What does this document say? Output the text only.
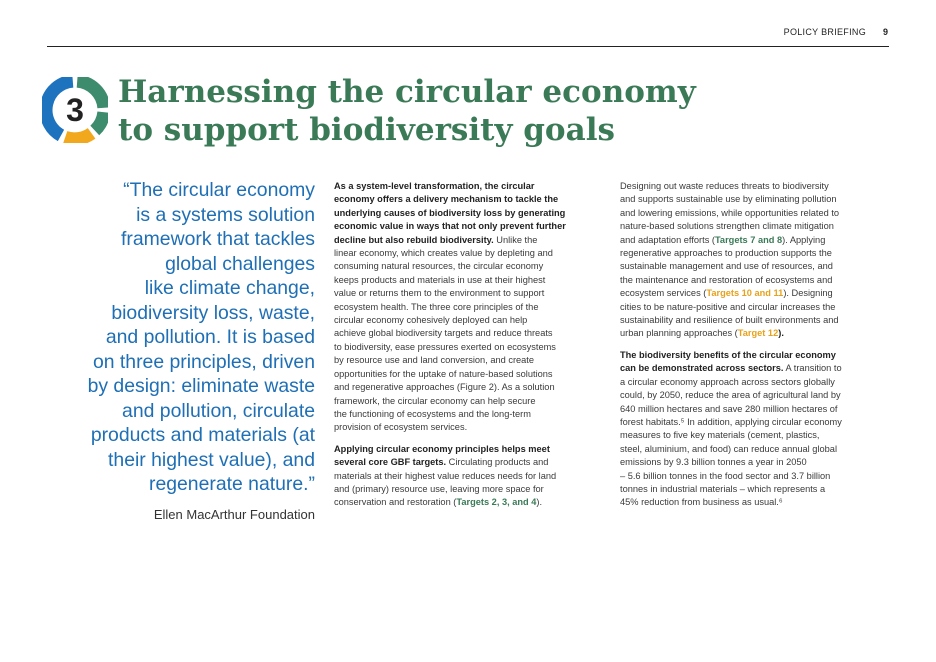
POLICY BRIEFING 9
3	Harnessing the circular economy
to support biodiversity goals
“The circular economy
is a systems solution
framework that tackles
global challenges
like climate change,
biodiversity loss, waste,
and pollution. It is based
on three principles, driven
by design: eliminate waste
and pollution, circulate
products and materials (at
their highest value), and
regenerate nature.”
Ellen MacArthur Foundation

As a system-level transformation, the circular
economy offers a delivery mechanism to tackle the
underlying causes of biodiversity loss by generating
economic value in ways that not only prevent further
decline but also rebuild biodiversity. Unlike the
linear economy, which creates value by depleting and
consuming natural resources, the circular economy
keeps products and materials in use at their highest
value or returns them to the environment to support
ecosystem health. The three core principles of the
circular economy cohesively deployed can help
achieve global biodiversity targets and reduce threats
to biodiversity, ease pressures exerted on ecosystems
by resource use and land conversion, and create
opportunities for the uptake of nature-based solutions
and regenerative approaches (Figure 2). As a solution
framework, the circular economy can help secure
the functioning of ecosystems and the long-term
provision of ecosystem services.

Applying circular economy principles helps meet
several core GBF targets. Circulating products and
materials at their highest value reduces needs for land
and (primary) resource use, leaving more space for
conservation and restoration (Targets 2, 3, and 4).

Designing out waste reduces threats to biodiversity
and supports sustainable use by eliminating pollution
and lowering emissions, while opportunities related to
nature-based solutions strengthen climate mitigation
and adaptation efforts (Targets 7 and 8). Applying
regenerative approaches to production supports the
sustainable management and use of resources, and
the maintenance and restoration of ecosystems and
ecosystem services (Targets 10 and 11). Designing
cities to be nature-positive and circular increases the
sustainability and resilience of built environments and
urban planning approaches (Target 12).

The biodiversity benefits of the circular economy
can be demonstrated across sectors. A transition to
a circular economy approach across sectors globally
could, by 2050, reduce the area of agricultural land by
640 million hectares and save 280 million hectares of
forest habitats.⁵ In addition, applying circular economy
measures to five key materials (cement, plastics,
steel, aluminium, and food) can reduce annual global
emissions by 9.3 billion tonnes a year in 2050
– 5.6 billion tonnes in the food sector and 3.7 billion
tonnes in industrial materials – which represents a
45% reduction from business as usual.⁶
